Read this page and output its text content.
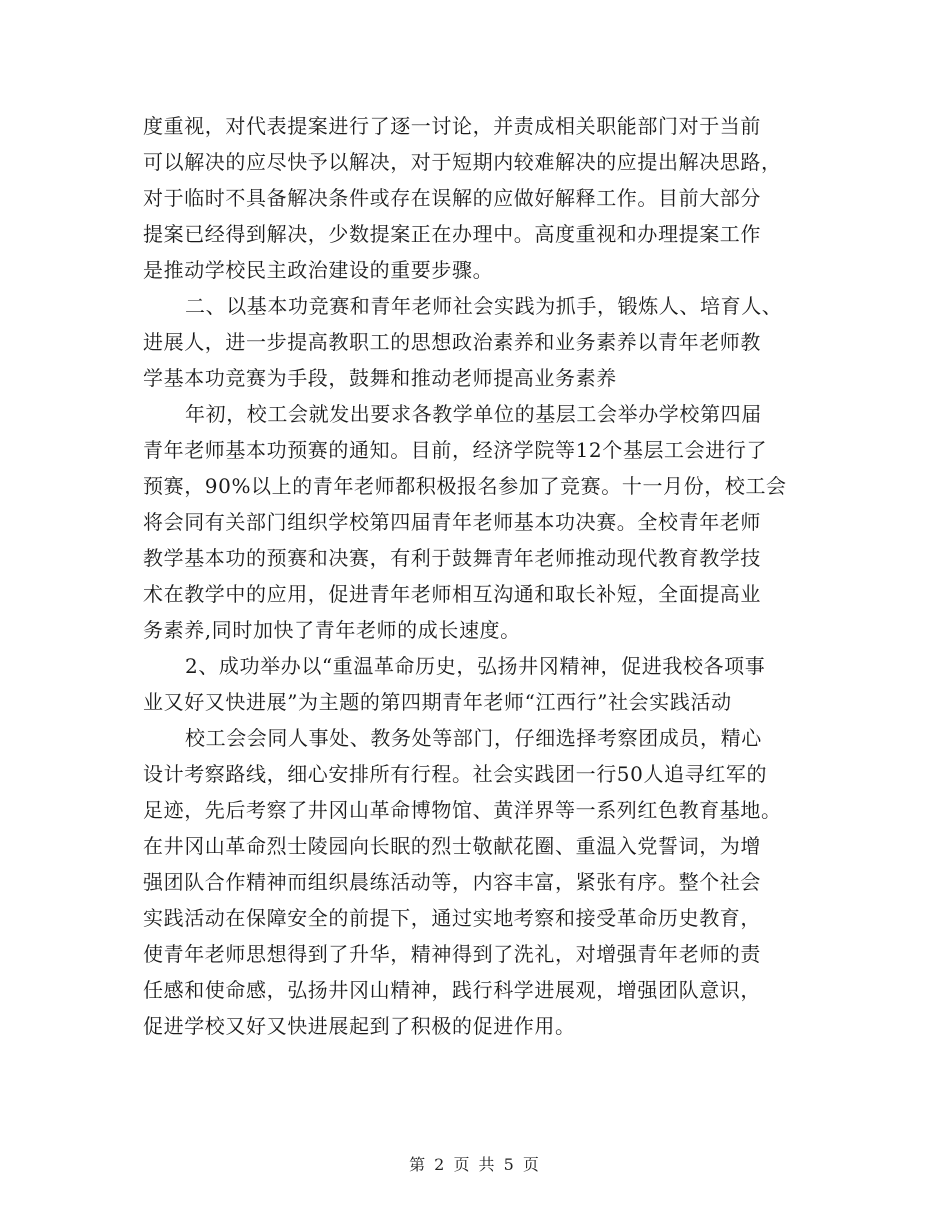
度重视，对代表提案进行了逐一讨论，并责成相关职能部门对于当前
可以解决的应尽快予以解决，对于短期内较难解决的应提出解决思路，
对于临时不具备解决条件或存在误解的应做好解释工作。目前大部分
提案已经得到解决，少数提案正在办理中。高度重视和办理提案工作
是推动学校民主政治建设的重要步骤。
二、以基本功竞赛和青年老师社会实践为抓手，锻炼人、培育人、
进展人，进一步提高教职工的思想政治素养和业务素养以青年老师教
学基本功竞赛为手段，鼓舞和推动老师提高业务素养
年初，校工会就发出要求各教学单位的基层工会举办学校第四届
青年老师基本功预赛的通知。目前，经济学院等12个基层工会进行了
预赛，90%以上的青年老师都积极报名参加了竞赛。十一月份，校工会
将会同有关部门组织学校第四届青年老师基本功决赛。全校青年老师
教学基本功的预赛和决赛，有利于鼓舞青年老师推动现代教育教学技
术在教学中的应用，促进青年老师相互沟通和取长补短，全面提高业
务素养,同时加快了青年老师的成长速度。
2、成功举办以“重温革命历史，弘扬井冈精神，促进我校各项事
业又好又快进展”为主题的第四期青年老师“江西行”社会实践活动
校工会会同人事处、教务处等部门，仔细选择考察团成员，精心
设计考察路线，细心安排所有行程。社会实践团一行50人追寻红军的
足迹，先后考察了井冈山革命博物馆、黄洋界等一系列红色教育基地。
在井冈山革命烈士陵园向长眠的烈士敬献花圈、重温入党誓词，为增
强团队合作精神而组织晨练活动等，内容丰富，紧张有序。整个社会
实践活动在保障安全的前提下，通过实地考察和接受革命历史教育，
使青年老师思想得到了升华，精神得到了洗礼，对增强青年老师的责
任感和使命感，弘扬井冈山精神，践行科学进展观，增强团队意识，
促进学校又好又快进展起到了积极的促进作用。
第 2 页 共 5 页
